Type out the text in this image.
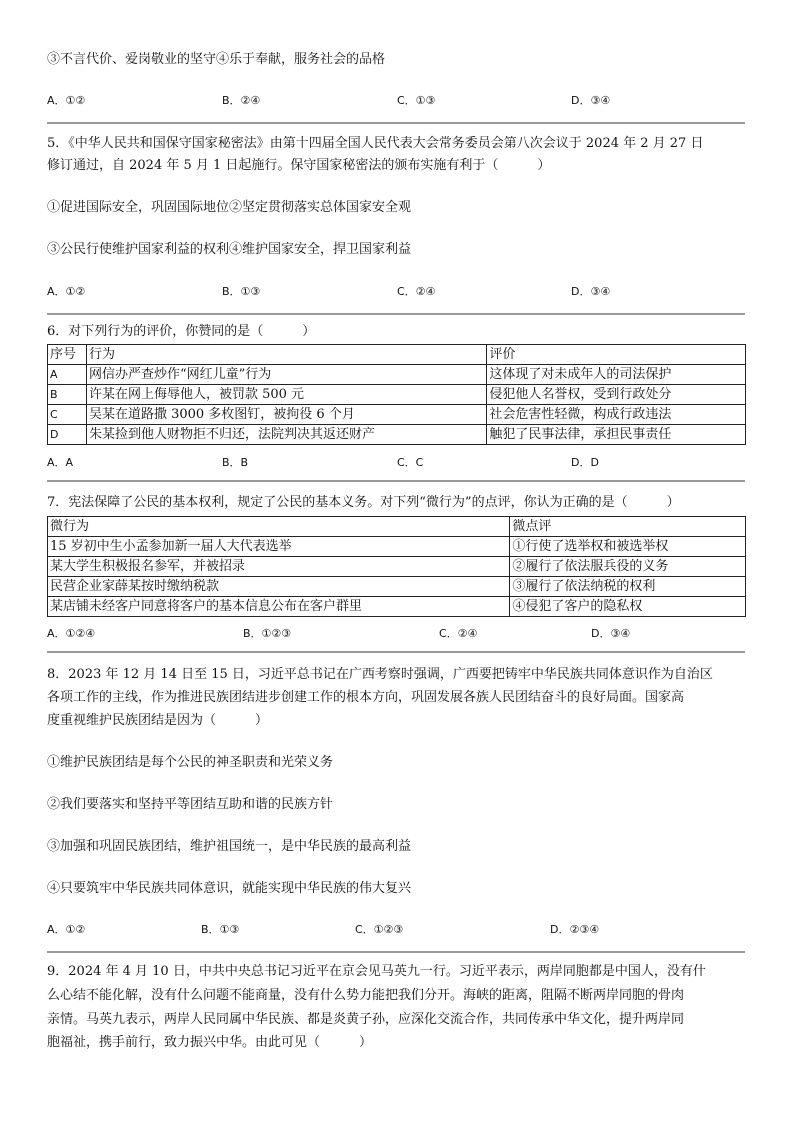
③不言代价、爱岗敬业的坚守④乐于奉献，服务社会的品格
A．①②	B．②④	C．①③	D．③④
5．《中华人民共和国保守国家秘密法》由第十四届全国人民代表大会常务委员会第八次会议于 2024 年 2 月 27 日
修订通过，自 2024 年 5 月 1 日起施行。保守国家秘密法的颁布实施有利于（　　　）
①促进国际安全，巩固国际地位②坚定贯彻落实总体国家安全观
③公民行使维护国家利益的权利④维护国家安全，捍卫国家利益
A．①②	B．①③	C．②④	D．③④
6．对下列行为的评价，你赞同的是（　　　）
序号	行为	评价
A	网信办严查炒作“网红儿童”行为	这体现了对未成年人的司法保护
B	许某在网上侮辱他人，被罚款 500 元	侵犯他人名誉权，受到行政处分
C	吴某在道路撒 3000 多枚图钉，被拘役 6 个月	社会危害性轻微，构成行政违法
D	朱某捡到他人财物拒不归还，法院判决其返还财产	触犯了民事法律，承担民事责任
A．A	B．B	C．C	D．D
7．宪法保障了公民的基本权利，规定了公民的基本义务。对下列“微行为”的点评，你认为正确的是（　　　）
微行为	微点评
15 岁初中生小孟参加新一届人大代表选举	①行使了选举权和被选举权
某大学生积极报名参军，并被招录	②履行了依法服兵役的义务
民营企业家薛某按时缴纳税款	③履行了依法纳税的权利
某店铺未经客户同意将客户的基本信息公布在客户群里	④侵犯了客户的隐私权
A．①②④	B．①②③	C．②④	D．③④
8．2023 年 12 月 14 日至 15 日，习近平总书记在广西考察时强调，广西要把铸牢中华民族共同体意识作为自治区
各项工作的主线，作为推进民族团结进步创建工作的根本方向，巩固发展各族人民团结奋斗的良好局面。国家高
度重视维护民族团结是因为（　　　）
①维护民族团结是每个公民的神圣职责和光荣义务
②我们要落实和坚持平等团结互助和谐的民族方针
③加强和巩固民族团结，维护祖国统一，是中华民族的最高利益
④只要筑牢中华民族共同体意识，就能实现中华民族的伟大复兴
A．①②	B．①③	C．①②③	D．②③④
9．2024 年 4 月 10 日，中共中央总书记习近平在京会见马英九一行。习近平表示，两岸同胞都是中国人，没有什
么心结不能化解，没有什么问题不能商量，没有什么势力能把我们分开。海峡的距离，阻隔不断两岸同胞的骨肉
亲情。马英九表示，两岸人民同属中华民族、都是炎黄子孙，应深化交流合作，共同传承中华文化，提升两岸同
胞福祉，携手前行，致力振兴中华。由此可见（　　　）
